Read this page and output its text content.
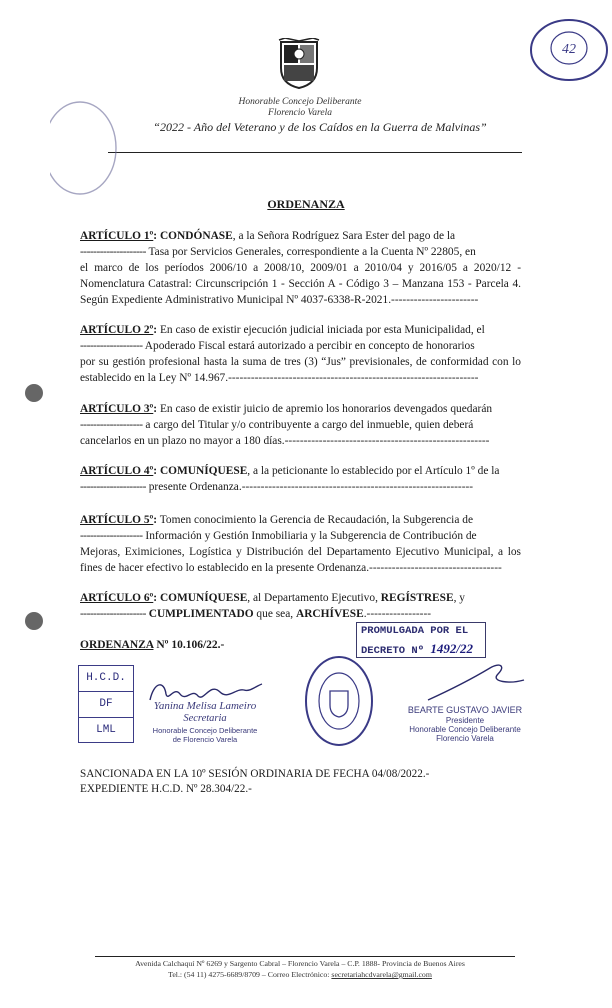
Honorable Concejo Deliberante
Florencio Varela
“2022 - Año del Veterano y de los Caídos en la Guerra de Malvinas”
42
ORDENANZA
ARTÍCULO 1º: CONDÓNASE, a la Señora Rodríguez Sara Ester del pago de la
-------------------- Tasa por Servicios Generales, correspondiente a la Cuenta Nº 22805, en
el marco de los períodos 2006/10 a 2008/10, 2009/01 a 2010/04 y 2016/05 a 2020/12 - Nomenclatura Catastral: Circunscripción 1 - Sección A - Código 3 – Manzana 153 - Parcela 4. Según Expediente Administrativo Municipal Nº 4037-6338-R-2021.-----------------------
ARTÍCULO 2º: En caso de existir ejecución judicial iniciada por esta Municipalidad, el
------------------- Apoderado Fiscal estará autorizado a percibir en concepto de honorarios
por su gestión profesional hasta la suma de tres (3) “Jus” previsionales, de conformidad con lo establecido en la Ley Nº 14.967.------------------------------------------------------------------
ARTÍCULO 3º: En caso de existir juicio de apremio los honorarios devengados quedarán
------------------- a cargo del Titular y/o contribuyente a cargo del inmueble, quien deberá
cancelarlos en un plazo no mayor a 180 días.------------------------------------------------------
ARTÍCULO 4º: COMUNÍQUESE, a la peticionante lo establecido por el Artículo 1º de la
-------------------- presente Ordenanza.-------------------------------------------------------------
ARTÍCULO 5º: Tomen conocimiento la Gerencia de Recaudación, la Subgerencia de
------------------- Información y Gestión Inmobiliaria y la Subgerencia de Contribución de
Mejoras, Eximiciones, Logística y Distribución del Departamento Ejecutivo Municipal, a los fines de hacer efectivo lo establecido en la presente Ordenanza.-----------------------------------
ARTÍCULO 6º: COMUNÍQUESE, al Departamento Ejecutivo, REGÍSTRESE, y
-------------------- CUMPLIMENTADO que sea, ARCHÍVESE.-----------------
ORDENANZA Nº 10.106/22.-
PROMULGADA POR EL
DECRETO Nº 1492/22
H.C.D.
DF
LML
Yanina Melisa Lameiro
Secretaria
Honorable Concejo Deliberante
de Florencio Varela
BEARTE GUSTAVO JAVIER
Presidente
Honorable Concejo Deliberante
Florencio Varela
SANCIONADA EN LA 10º SESIÓN ORDINARIA DE FECHA 04/08/2022.-
EXPEDIENTE H.C.D. Nº 28.304/22.-
Avenida Calchaquí Nº 6269 y Sargento Cabral – Florencio Varela – C.P. 1888- Provincia de Buenos Aires
Tel.: (54 11) 4275-6689/8709 – Correo Electrónico: secretariahcdvarela@gmail.com
